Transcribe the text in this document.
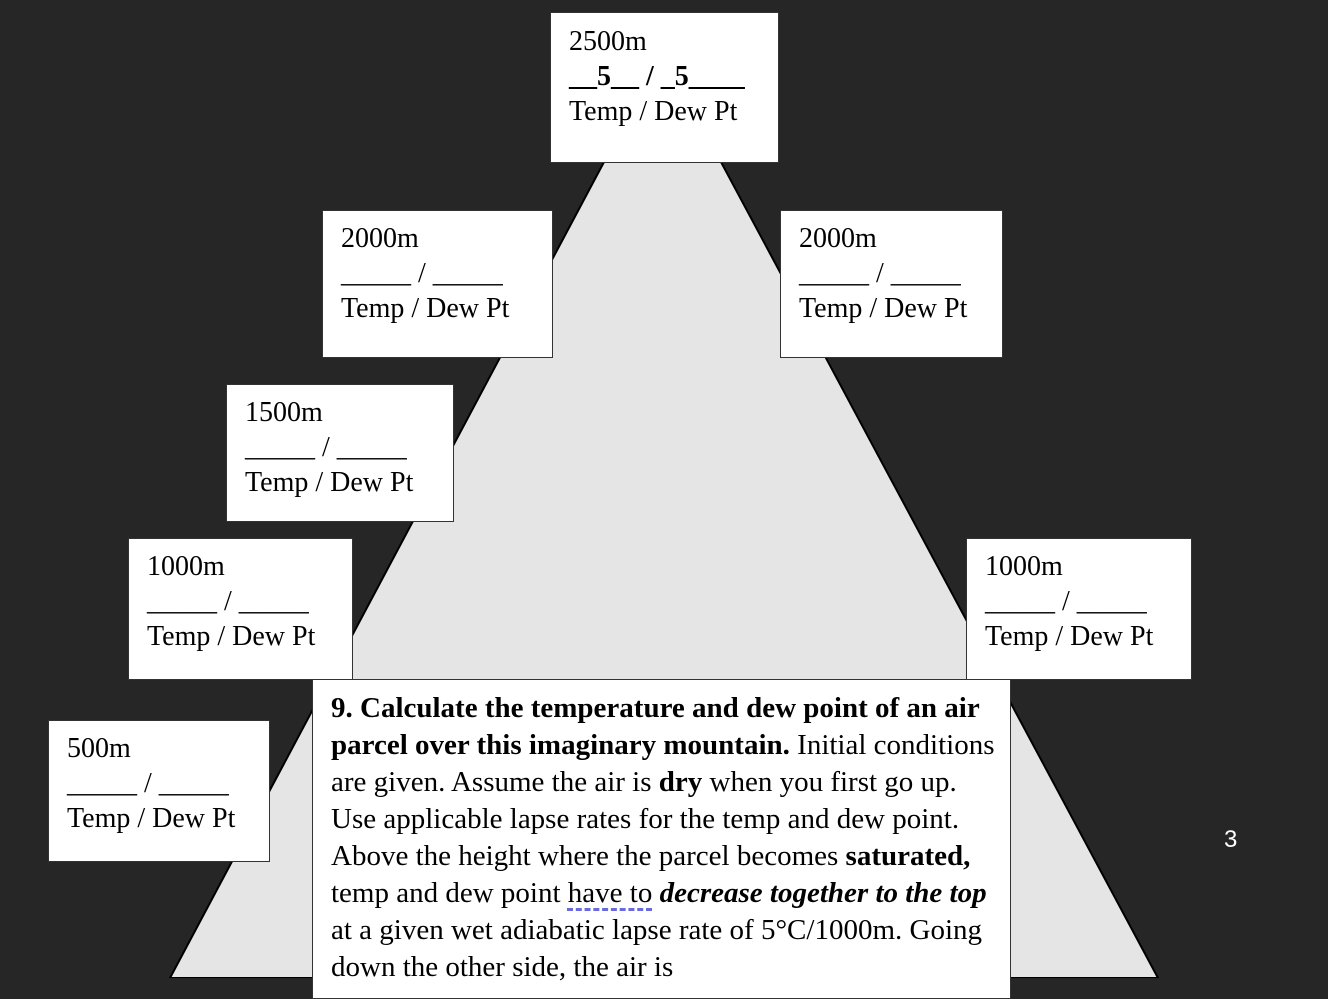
2500m
__5__ / _5____
Temp / Dew Pt
2000m
_____ / _____
Temp / Dew Pt
2000m
_____ / _____
Temp / Dew Pt
1500m
_____ / _____
Temp / Dew Pt
1000m
_____ / _____
Temp / Dew Pt
1000m
_____ / _____
Temp / Dew Pt
500m
_____ / _____
Temp / Dew Pt
9. Calculate the temperature and dew point of an air parcel over this imaginary mountain. Initial conditions are given. Assume the air is dry when you first go up. Use applicable lapse rates for the temp and dew point. Above the height where the parcel becomes saturated, temp and dew point have to decrease together to the top at a given wet adiabatic lapse rate of 5°C/1000m. Going down the other side, the air is
3
